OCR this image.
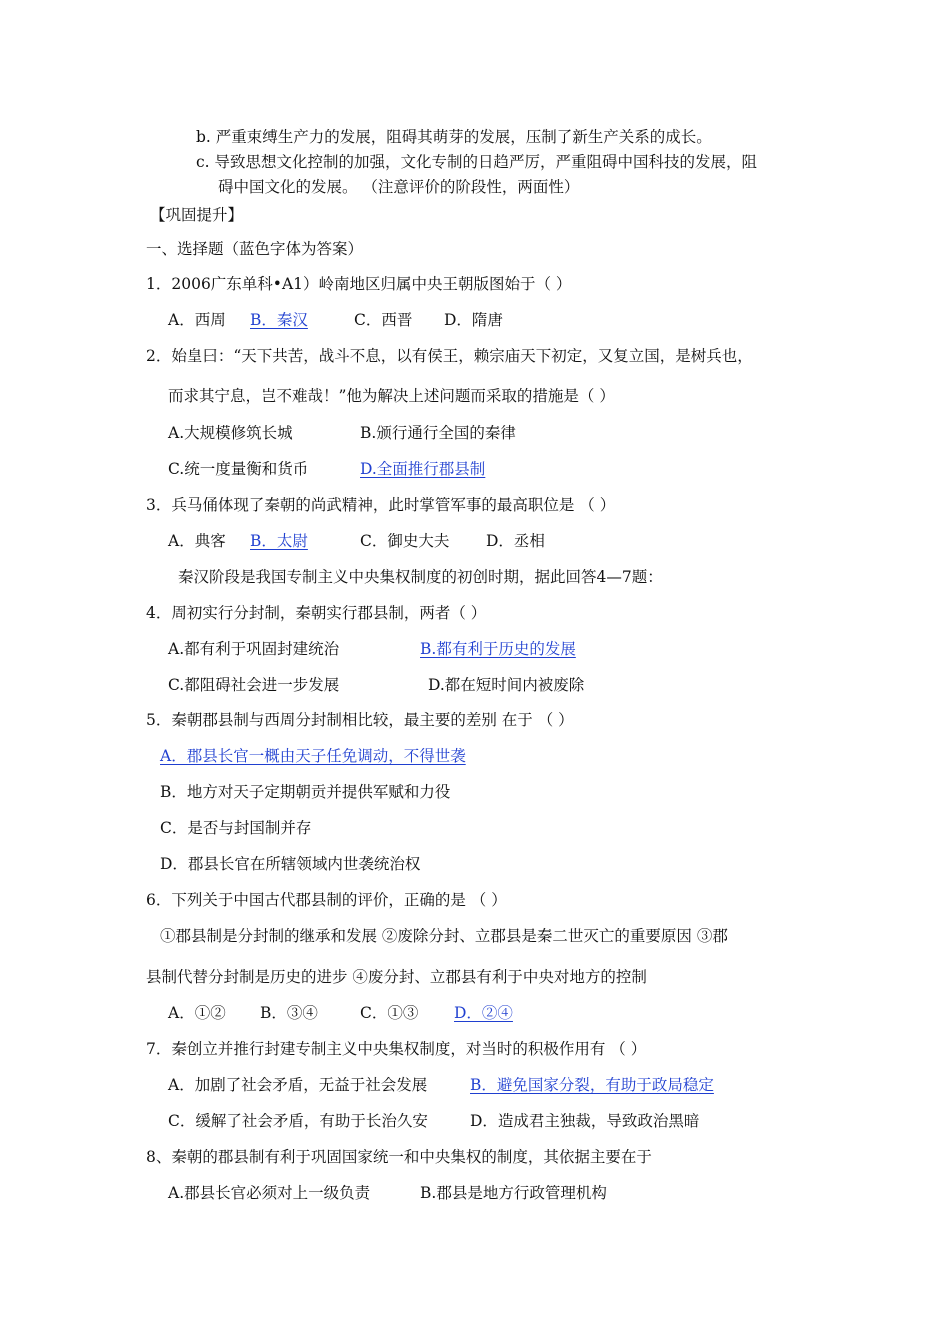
b. 严重束缚生产力的发展，阻碍其萌芽的发展，压制了新生产关系的成长。
c. 导致思想文化控制的加强，文化专制的日趋严厉，严重阻碍中国科技的发展，阻
碍中国文化的发展。 （注意评价的阶段性，两面性）
【巩固提升】
一、选择题（蓝色字体为答案）
1．2006广东单科•A1）岭南地区归属中央王朝版图始于（ ）
A．西周 B．秦汉	C．西晋 D．隋唐
2．始皇曰：“天下共苦，战斗不息，以有侯王，赖宗庙天下初定，又复立国，是树兵也，
而求其宁息，岂不难哉！”他为解决上述问题而采取的措施是（ ）
A.大规模修筑长城	B.颁行通行全国的秦律
C.统一度量衡和货币	D.全面推行郡县制
3．兵马俑体现了秦朝的尚武精神，此时掌管军事的最高职位是 （ ）
A．典客 B．太尉	C．御史大夫 D．丞相
秦汉阶段是我国专制主义中央集权制度的初创时期，据此回答4—7题：
4．周初实行分封制，秦朝实行郡县制，两者（ ）
A.都有利于巩固封建统治	B.都有利于历史的发展
C.都阻碍社会进一步发展	D.都在短时间内被废除
5．秦朝郡县制与西周分封制相比较，最主要的差别 在于 （ ）
A．郡县长官一概由天子任免调动，不得世袭
B．地方对天子定期朝贡并提供军赋和力役
C．是否与封国制并存
D．郡县长官在所辖领域内世袭统治权
6．下列关于中国古代郡县制的评价，正确的是 （ ）
①郡县制是分封制的继承和发展 ②废除分封、立郡县是秦二世灭亡的重要原因 ③郡
县制代替分封制是历史的进步 ④废分封、立郡县有利于中央对地方的控制
A．①② B．③④	C．①③ D．②④
7．秦创立并推行封建专制主义中央集权制度，对当时的积极作用有 （ ）
A．加剧了社会矛盾，无益于社会发展	B．避免国家分裂，有助于政局稳定
C．缓解了社会矛盾，有助于长治久安	D．造成君主独裁，导致政治黑暗
8、秦朝的郡县制有利于巩固国家统一和中央集权的制度，其依据主要在于
A.郡县长官必须对上一级负责	B.郡县是地方行政管理机构
